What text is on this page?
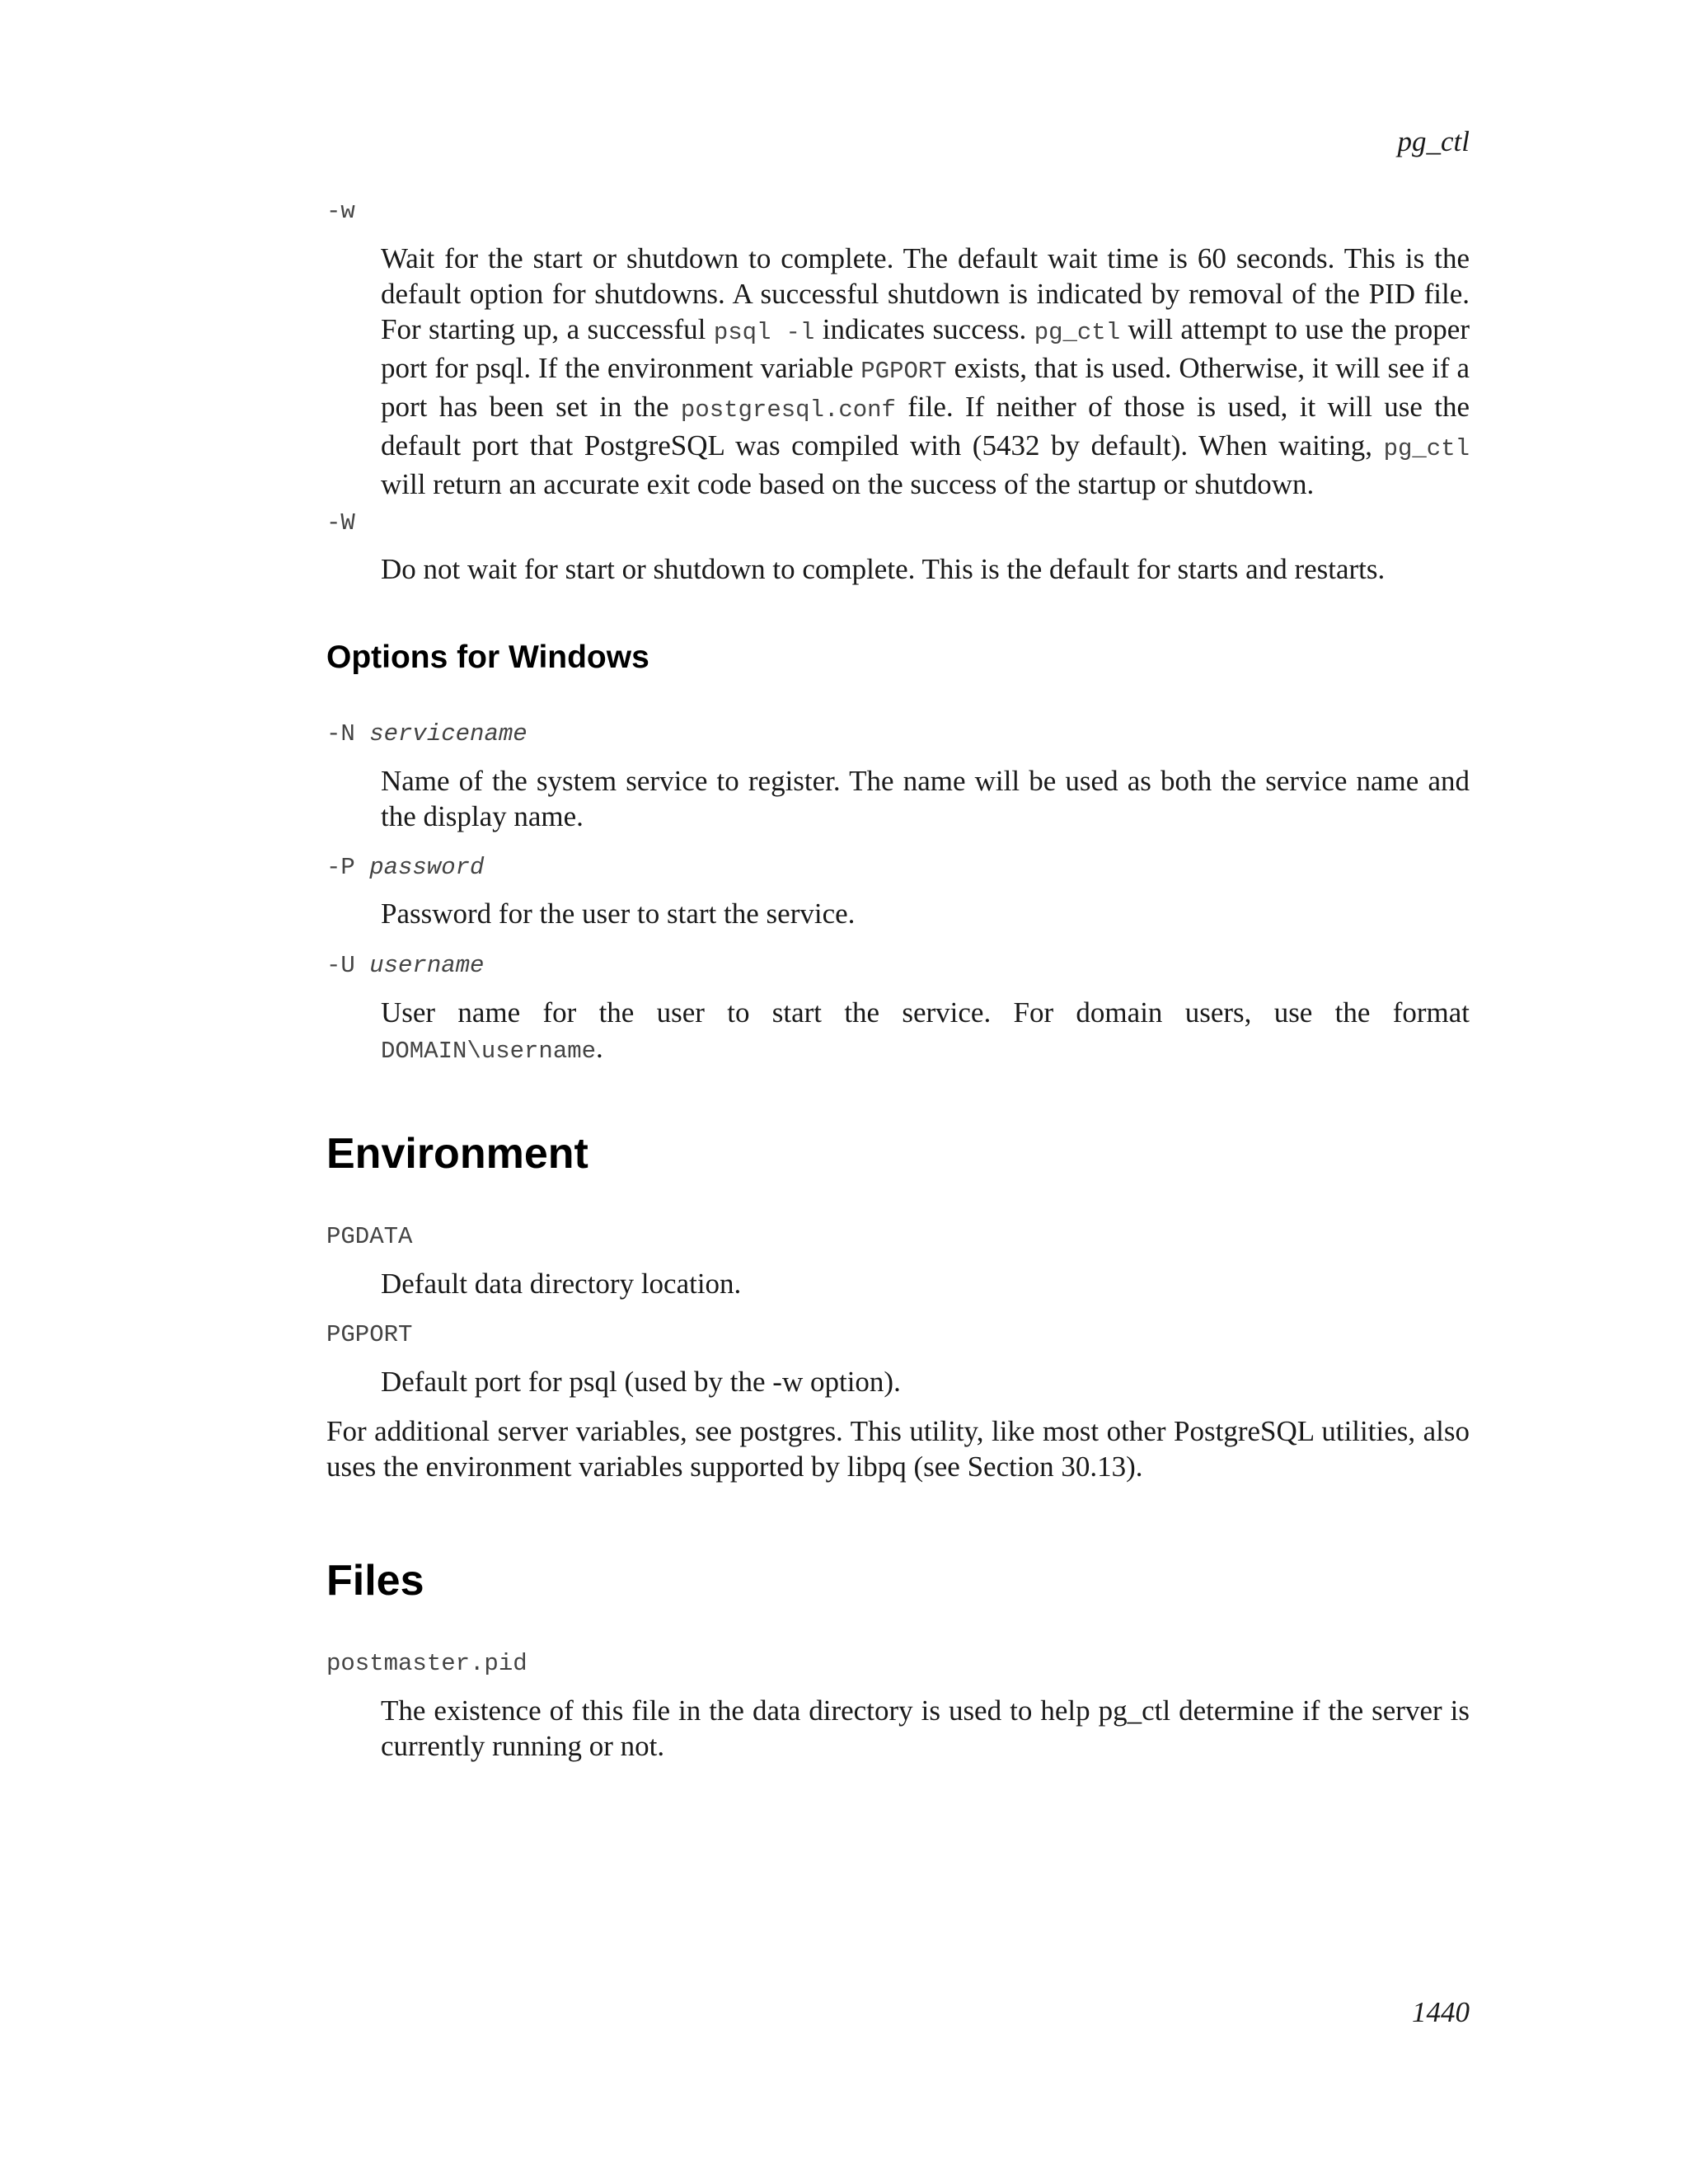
pg_ctl

-w

Wait for the start or shutdown to complete. The default wait time is 60 seconds. This is the default option for shutdowns. A successful shutdown is indicated by removal of the PID file. For starting up, a successful psql -l indicates success. pg_ctl will attempt to use the proper port for psql. If the environment variable PGPORT exists, that is used. Otherwise, it will see if a port has been set in the postgresql.conf file. If neither of those is used, it will use the default port that PostgreSQL was compiled with (5432 by default). When waiting, pg_ctl will return an accurate exit code based on the success of the startup or shutdown.

-W

Do not wait for start or shutdown to complete. This is the default for starts and restarts.

Options for Windows

-N servicename

Name of the system service to register. The name will be used as both the service name and the display name.

-P password

Password for the user to start the service.

-U username

User name for the user to start the service. For domain users, use the format DOMAIN\username.

Environment

PGDATA

Default data directory location.

PGPORT

Default port for psql (used by the -w option).

For additional server variables, see postgres. This utility, like most other PostgreSQL utilities, also uses the environment variables supported by libpq (see Section 30.13).

Files

postmaster.pid

The existence of this file in the data directory is used to help pg_ctl determine if the server is currently running or not.

1440
